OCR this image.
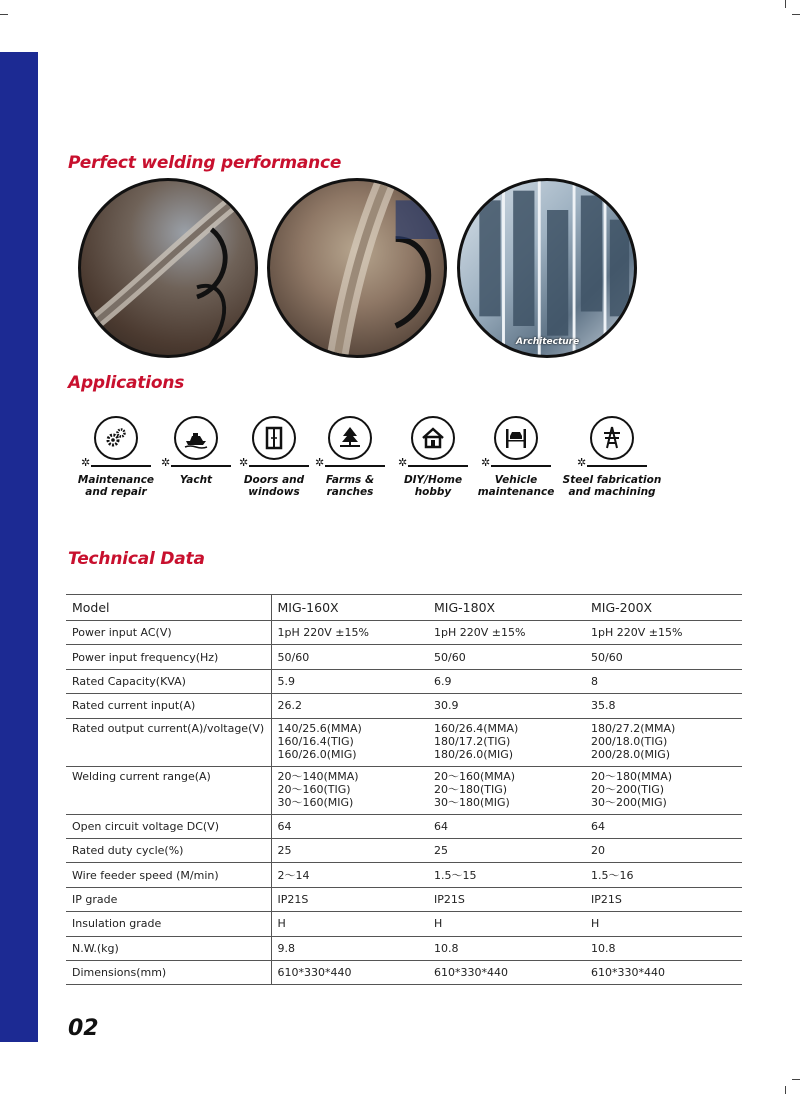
Perfect welding performance
Architecture
Applications
✲
Maintenance
and repair
✲
Yacht
✲
Doors and
windows
✲
Farms &
ranches
✲
DIY/Home
hobby
✲
Vehicle
maintenance
✲
Steel fabrication
and machining
Technical Data
Model	MIG-160X	MIG-180X	MIG-200X
Power input AC(V)	1pH 220V ±15%	1pH 220V ±15%	1pH 220V ±15%
Power input frequency(Hz)	50/60	50/60	50/60
Rated Capacity(KVA)	5.9	6.9	8
Rated current input(A)	26.2	30.9	35.8
Rated output current(A)/voltage(V)	140/25.6(MMA)
160/16.4(TIG)
160/26.0(MIG)	160/26.4(MMA)
180/17.2(TIG)
180/26.0(MIG)	180/27.2(MMA)
200/18.0(TIG)
200/28.0(MIG)
Welding current range(A)	20～140(MMA)
20～160(TIG)
30～160(MIG)	20～160(MMA)
20～180(TIG)
30～180(MIG)	20～180(MMA)
20～200(TIG)
30～200(MIG)
Open circuit voltage DC(V)	64	64	64
Rated duty cycle(%)	25	25	20
Wire feeder speed (M/min)	2～14	1.5～15	1.5～16
IP grade	IP21S	IP21S	IP21S
Insulation grade	H	H	H
N.W.(kg)	9.8	10.8	10.8
Dimensions(mm)	610*330*440	610*330*440	610*330*440
02
